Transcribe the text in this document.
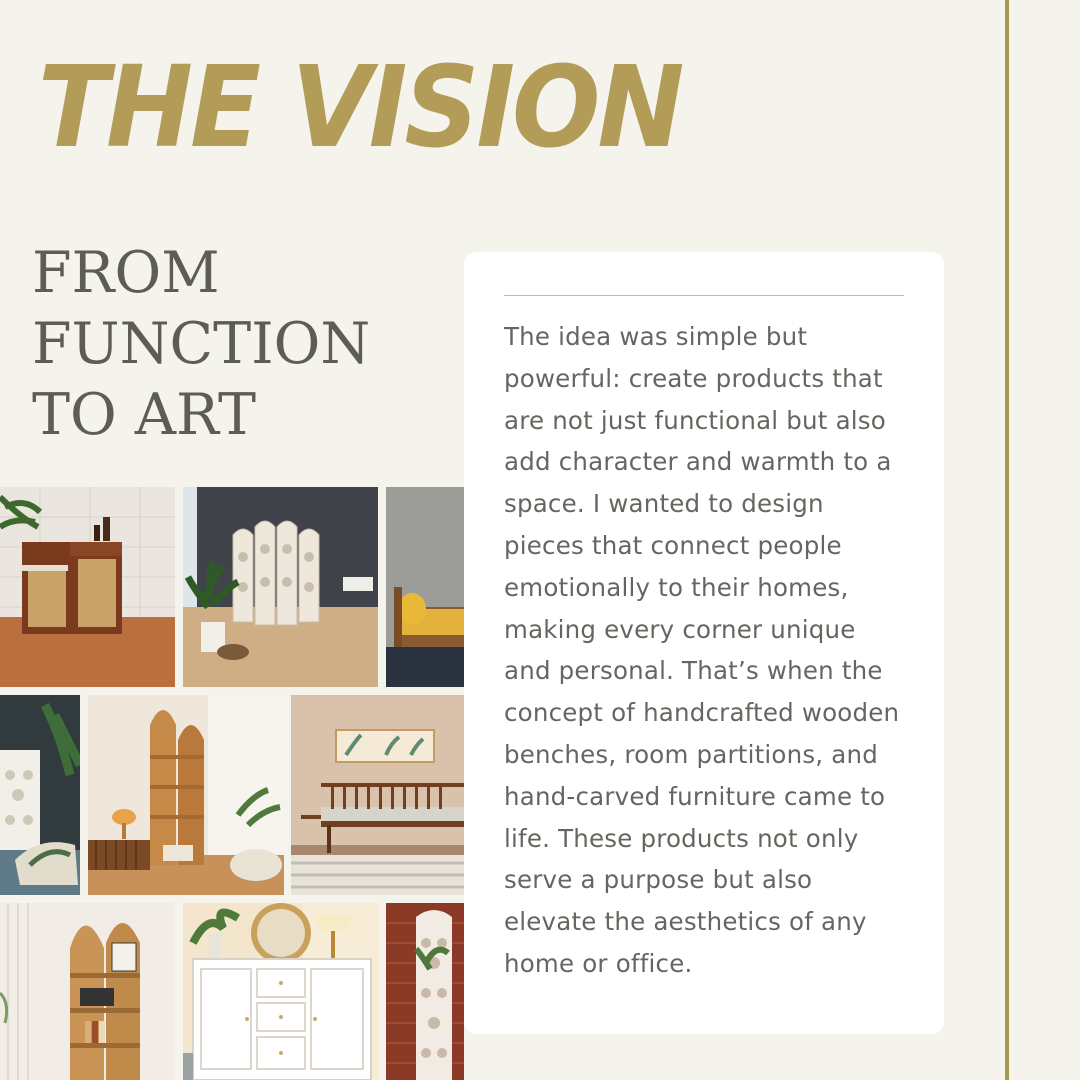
THE VISION
FROM FUNCTION TO ART

The idea was simple but powerful: create products that are not just functional but also add character and warmth to a space. I wanted to design pieces that connect people emotionally to their homes, making every corner unique and personal. That’s when the concept of handcrafted wooden benches, room partitions, and hand-carved furniture came to life. These products not only serve a purpose but also elevate the aesthetics of any home or office.
